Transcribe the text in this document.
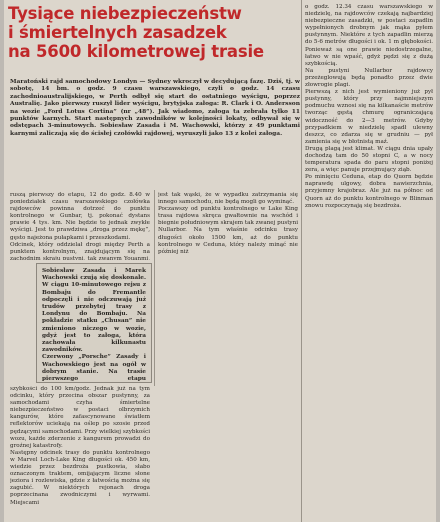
Tysiące niebezpieczeństw
i śmiertelnych zasadzek
na 5600 kilometrowej trasie
Maratoński rajd samochodowy Londyn — Sydney wkroczył w decydującą fazę. Dziś, tj. w sobotę, 14 bm. o godz. 9 czasu warszawskiego, czyli o godz. 14 czasu zachodnioaustralijskiego, w Perth odbył się start do ostatniego wyścigu, poprzez Australię. Jako pierwszy ruszył lider wyścigu, brytyjska załoga: R. Clark i O. Andersson na wozie „Ford Lotus Cortina” (nr „48”). Jak wiadomo, załoga ta zebrała tylko 11 punktów karnych. Start następnych zawodników w kolejności lokaty, odbywał się w odstępach 3-minutowych. Sobiesław Zasada i M. Wachowski, którzy z 49 punktami karnymi zaliczają się do ścisłej czołówki rajdowej, wyruszyli jako 13 z kolei załoga.
ruszą pierwszy do etapu, 12 do godz. 8.40 w poniedziałek czasu warszawskiego czołówka rajdowców powinna dotrzeć do punktu kontrolnego w Gunbar, tj. pokonać dystans prawie 4 tys. km. Nie będzie to jednak zwykłe wyścigi. Jest to prawdziwa „droga przez mękę”, gęsto najeżona pułapkami i przeszkodami.
Odcinek, który oddzielał drogi między Perth a punktem kontrolnym, znajdującym się na zachodnim skraju pustyni, tak zwanym Youanmi,
Sobiesław Zasada i Marek Wachowski czują się doskonale. W ciągu 10-minutowego rejsu z Bombaju do Fremantle odpoczęli i nie odczuwają już trudów przebytej trasy z Londynu do Bombaju. Na pokładzie statku „Chusan” nie zmieniono niczego w wozie, gdyż jest to załoga, która zachowała kilkunastu zawodników.
Czerwony „Porsche” Zasady i Wachowskiego jest na ogół w dobrym stanie. Na trasie pierwszego etapu
jest tak wąski, że w wypadku zatrzymania się innego samochodu, nie będą mogli go wyminąć.
Poczawszy od punktu kontrolnego w Lake King trasa rajdowa skręca gwałtownie na wschód i biegnie południowym skrajem tak zwanej pustyni Nullarbor. Na tym właśnie odcinku trasy długości około 1500 km, aż do punktu kontrolnego w Ceduna, który należy minąć nie później niż
szybkości do 100 km/godz. Jednak już na tym odcinku, który przecina obszar pustynny, za samochodami czyha śmiertelne niebezpieczeństwo w postaci olbrzymich kangurów, które zafascynowane światłem reflektorów uciekają na oślep po szosie przed pędzącymi samochodami. Przy wielkiej szybkości wozu, każde zderzenie z kangurem prowadzi do groźnej katastrofy.
Następny odcinek trasy do punktu kontrolnego w Marvel Loch-Lake King długości ok. 450 km, wiedzie przez bezdroża pustkowia, słabo oznaczonym traktem, omijającym liczne słone jeziora i rozlewiska, gdzie z łatwością można się zagubić. W niektórych rejonach droga poprzecinana zwodniczymi i wyrwami. Miejscami
o godz. 12.34 czasu warszawskiego w niedzielę, na rajdowców czekają najbardziej niebezpieczne zasadzki, w postaci zapadlin wypełnionych drobnym jak mąka pyłem pustynnym. Niektóre z tych zapadlin mierzą do 5-6 metrów długości i ok. 1 m głębokości. Ponieważ są one prawie niedostrzegalne, łatwo w nie wpaść, gdyż pędzi się z dużą szybkością.
Na pustyni Nullarbor rajdowcy przeżeglowują będą ponadto przez dwie złowrogie plagi.
Pierwszą z nich jest wymieniony już pył pustynny, który przy najmniejszym podmuchu wznosi się na kilkanaście metrów tworząc gęstą chmurę ograniczającą widoczność do 2—3 metrów. Gdyby przypadkiem w niedzielę spadł ulewny deszcz, co zdarza się w grudniu — pył zamienia się w błotnistą maź.
Drugą plagą jest klimat. W ciągu dnia upały dochodzą tam do 50 stopni C, a w nocy temperatura spada do paru stopni poniżej zera, a więc panuje przejmujący ziąb.
Po minięciu Ceduna, etap do Quorn będzie naprawdę ulgowy, dobra nawierzchnia, przyjemny krajobraz. Ale już na północ od Quorn aż do punktu kontrolnego w Blinman znowu rozpoczynają się bezdroża.
